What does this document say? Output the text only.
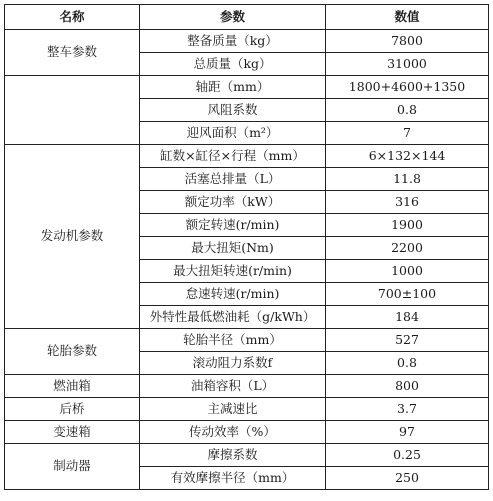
名称	参数	数值
整车参数	整备质量（kg）	7800
	总质量（kg）	31000
	轴距（mm）	1800+4600+1350
	风阻系数	0.8
	迎风面积（m²）	7
发动机参数	缸数×缸径×行程（mm）	6×132×144
	活塞总排量（L）	11.8
	额定功率（kW）	316
	额定转速(r/min)	1900
	最大扭矩(Nm)	2200
	最大扭矩转速(r/min)	1000
	怠速转速(r/min)	700±100
	外特性最低燃油耗（g/kWh）	184
轮胎参数	轮胎半径（mm）	527
	滚动阻力系数f	0.8
燃油箱	油箱容积（L）	800
后桥	主减速比	3.7
变速箱	传动效率（%）	97
制动器	摩擦系数	0.25
	有效摩擦半径（mm）	250
